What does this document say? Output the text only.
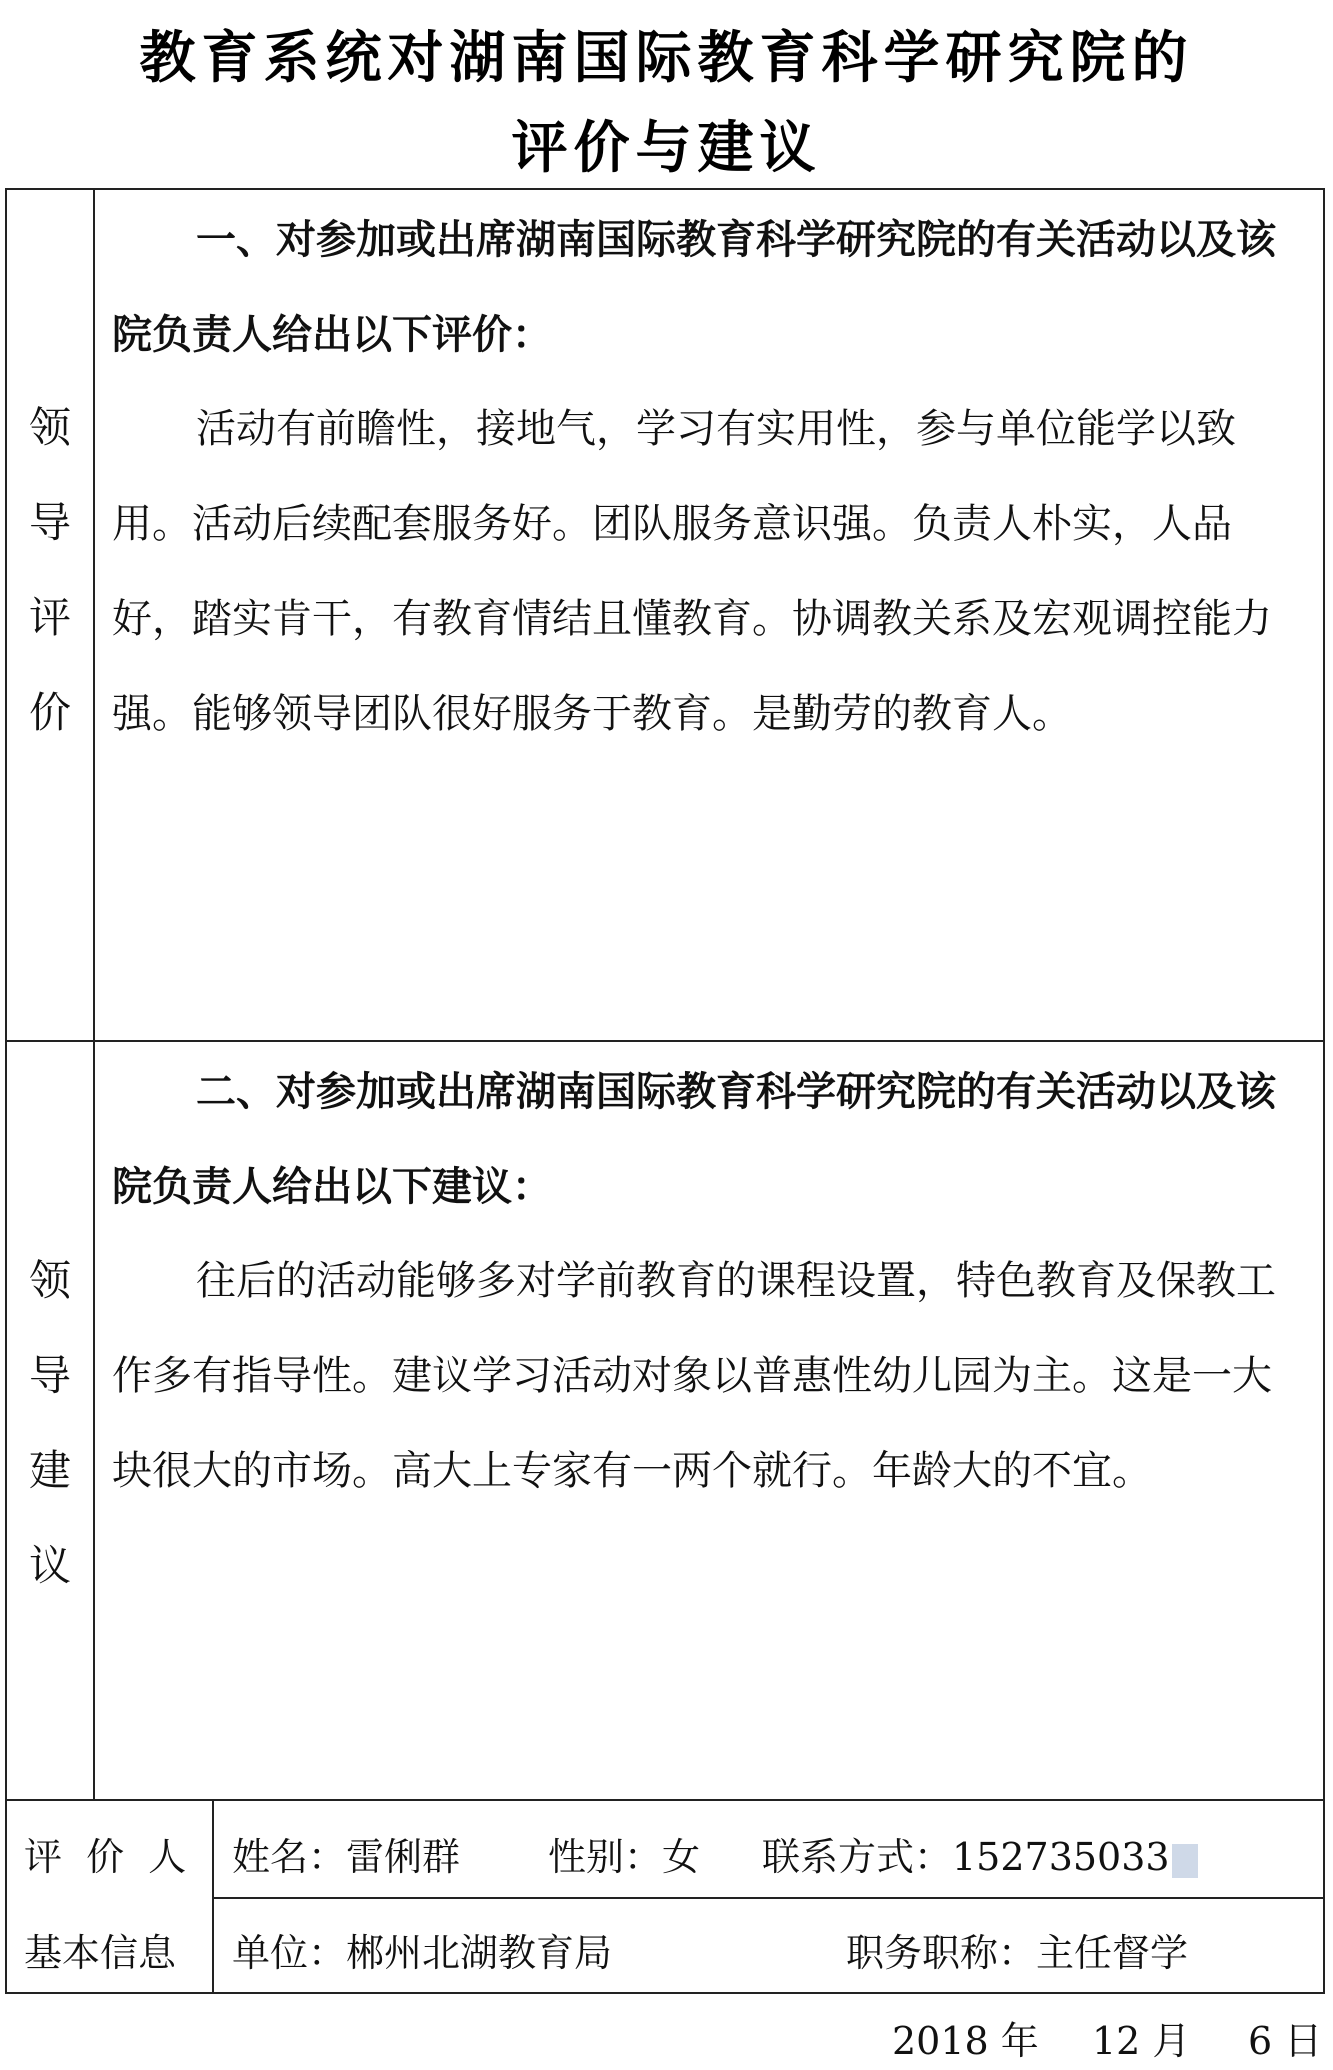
教育系统对湖南国际教育科学研究院的
评价与建议
领
导
评
价

一、对参加或出席湖南国际教育科学研究院的有关活动以及该院负责人给出以下评价：

活动有前瞻性，接地气，学习有实用性，参与单位能学以致用。活动后续配套服务好。团队服务意识强。负责人朴实，人品好，踏实肯干，有教育情结且懂教育。协调教关系及宏观调控能力强。能够领导团队很好服务于教育。是勤劳的教育人。

领
导
建
议

二、对参加或出席湖南国际教育科学研究院的有关活动以及该院负责人给出以下建议：

往后的活动能够多对学前教育的课程设置，特色教育及保教工作多有指导性。建议学习活动对象以普惠性幼儿园为主。这是一大块很大的市场。高大上专家有一两个就行。年龄大的不宜。

评 价 人
基本信息
姓名：雷俐群 性别：女 联系方式：152735033
单位：郴州北湖教育局	职务职称：主任督学
2018 年 12 月 6 日
